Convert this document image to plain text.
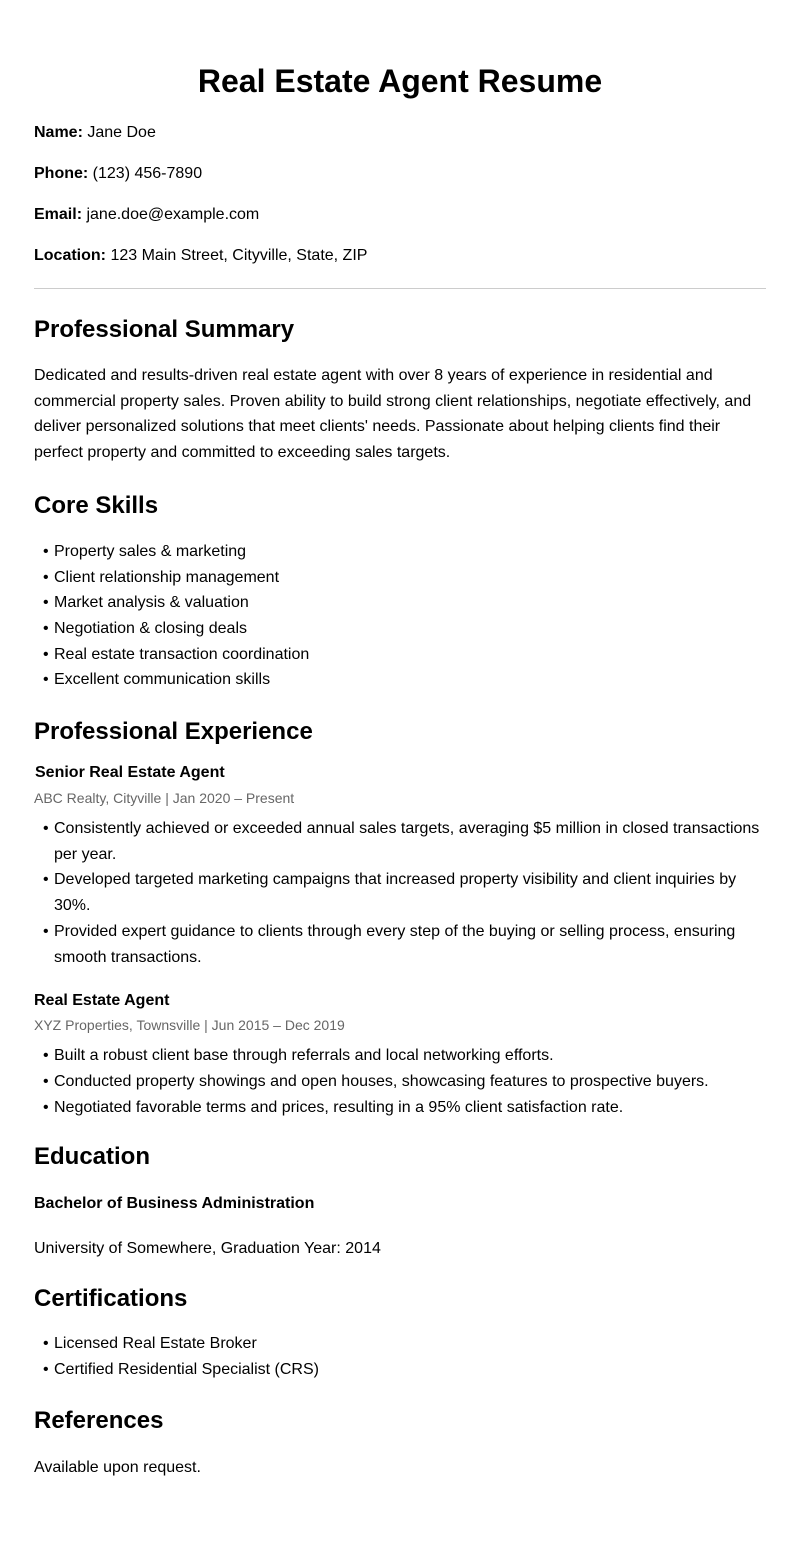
Real Estate Agent Resume

Name: Jane Doe

Phone: (123) 456-7890

Email: jane.doe@example.com

Location: 123 Main Street, Cityville, State, ZIP

Professional Summary

Dedicated and results-driven real estate agent with over 8 years of experience in residential and commercial property sales. Proven ability to build strong client relationships, negotiate effectively, and deliver personalized solutions that meet clients' needs. Passionate about helping clients find their perfect property and committed to exceeding sales targets.

Core Skills
• Property sales & marketing
• Client relationship management
• Market analysis & valuation
• Negotiation & closing deals
• Real estate transaction coordination
• Excellent communication skills
Professional Experience

Senior Real Estate Agent

ABC Realty, Cityville | Jan 2020 – Present

• Consistently achieved or exceeded annual sales targets, averaging $5 million in closed transactions per year.
• Developed targeted marketing campaigns that increased property visibility and client inquiries by 30%.
• Provided expert guidance to clients through every step of the buying or selling process, ensuring smooth transactions.

Real Estate Agent

XYZ Properties, Townsville | Jun 2015 – Dec 2019

• Built a robust client base through referrals and local networking efforts.
• Conducted property showings and open houses, showcasing features to prospective buyers.
• Negotiated favorable terms and prices, resulting in a 95% client satisfaction rate.
Education

Bachelor of Business Administration

University of Somewhere, Graduation Year: 2014

Certifications
• Licensed Real Estate Broker
• Certified Residential Specialist (CRS)
References

Available upon request.
